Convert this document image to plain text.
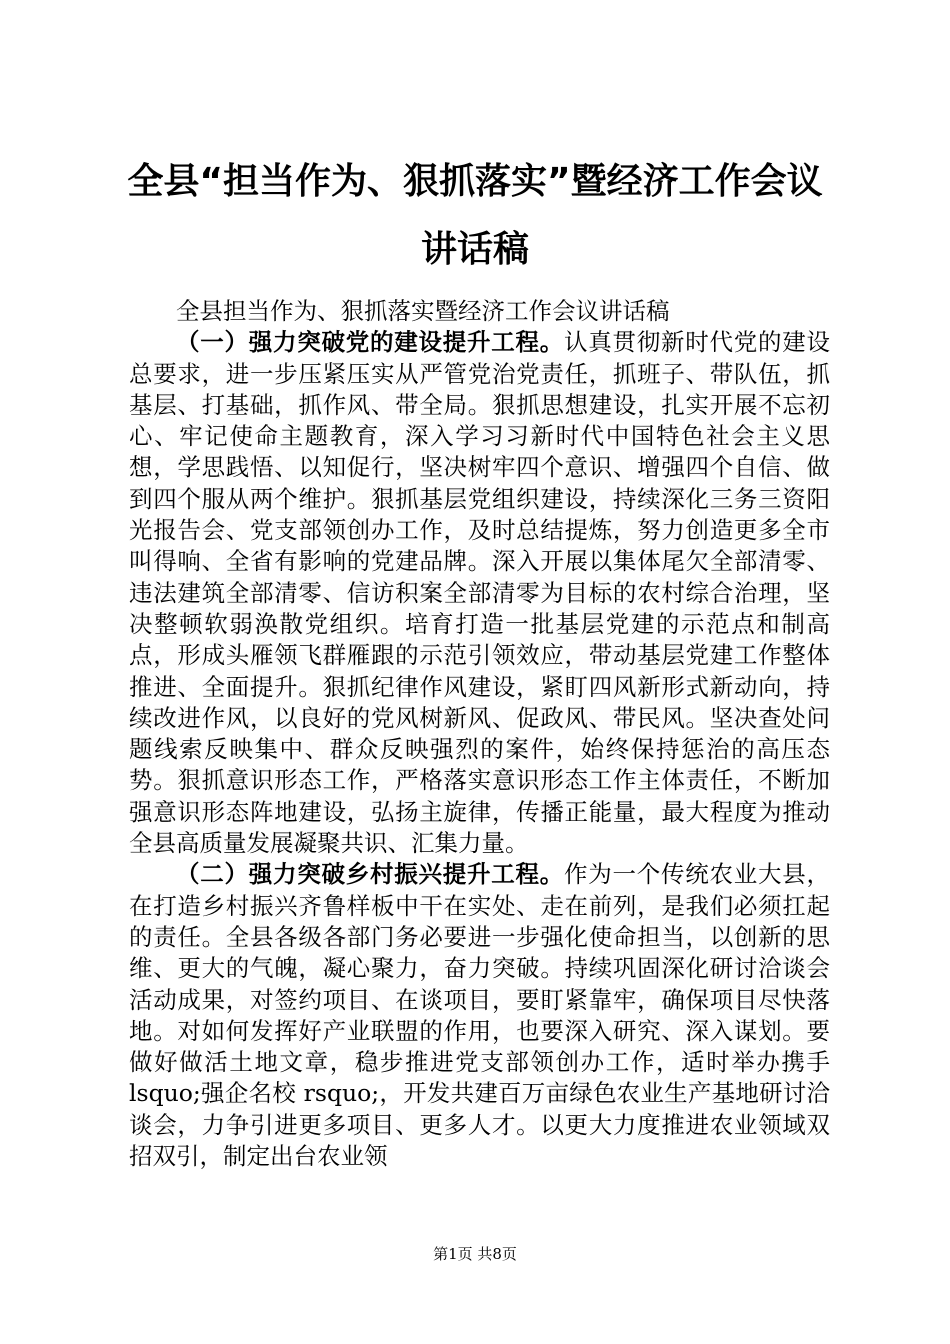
全县“担当作为、狠抓落实”暨经济工作会议
讲话稿

全县担当作为、狠抓落实暨经济工作会议讲话稿

（一）强力突破党的建设提升工程。认真贯彻新时代党的建设总要求，进一步压紧压实从严管党治党责任，抓班子、带队伍，抓基层、打基础，抓作风、带全局。狠抓思想建设，扎实开展不忘初心、牢记使命主题教育，深入学习习新时代中国特色社会主义思想，学思践悟、以知促行，坚决树牢四个意识、增强四个自信、做到四个服从两个维护。狠抓基层党组织建设，持续深化三务三资阳光报告会、党支部领创办工作，及时总结提炼，努力创造更多全市叫得响、全省有影响的党建品牌。深入开展以集体尾欠全部清零、违法建筑全部清零、信访积案全部清零为目标的农村综合治理，坚决整顿软弱涣散党组织。培育打造一批基层党建的示范点和制高点，形成头雁领飞群雁跟的示范引领效应，带动基层党建工作整体推进、全面提升。狠抓纪律作风建设，紧盯四风新形式新动向，持续改进作风，以良好的党风树新风、促政风、带民风。坚决查处问题线索反映集中、群众反映强烈的案件，始终保持惩治的高压态势。狠抓意识形态工作，严格落实意识形态工作主体责任，不断加强意识形态阵地建设，弘扬主旋律，传播正能量，最大程度为推动全县高质量发展凝聚共识、汇集力量。

（二）强力突破乡村振兴提升工程。作为一个传统农业大县，在打造乡村振兴齐鲁样板中干在实处、走在前列，是我们必须扛起的责任。全县各级各部门务必要进一步强化使命担当，以创新的思维、更大的气魄，凝心聚力，奋力突破。持续巩固深化研讨洽谈会活动成果，对签约项目、在谈项目，要盯紧靠牢，确保项目尽快落地。对如何发挥好产业联盟的作用，也要深入研究、深入谋划。要做好做活土地文章，稳步推进党支部领创办工作，适时举办携手 lsquo;强企名校 rsquo;，开发共建百万亩绿色农业生产基地研讨洽谈会，力争引进更多项目、更多人才。以更大力度推进农业领域双招双引，制定出台农业领

第1页 共8页
